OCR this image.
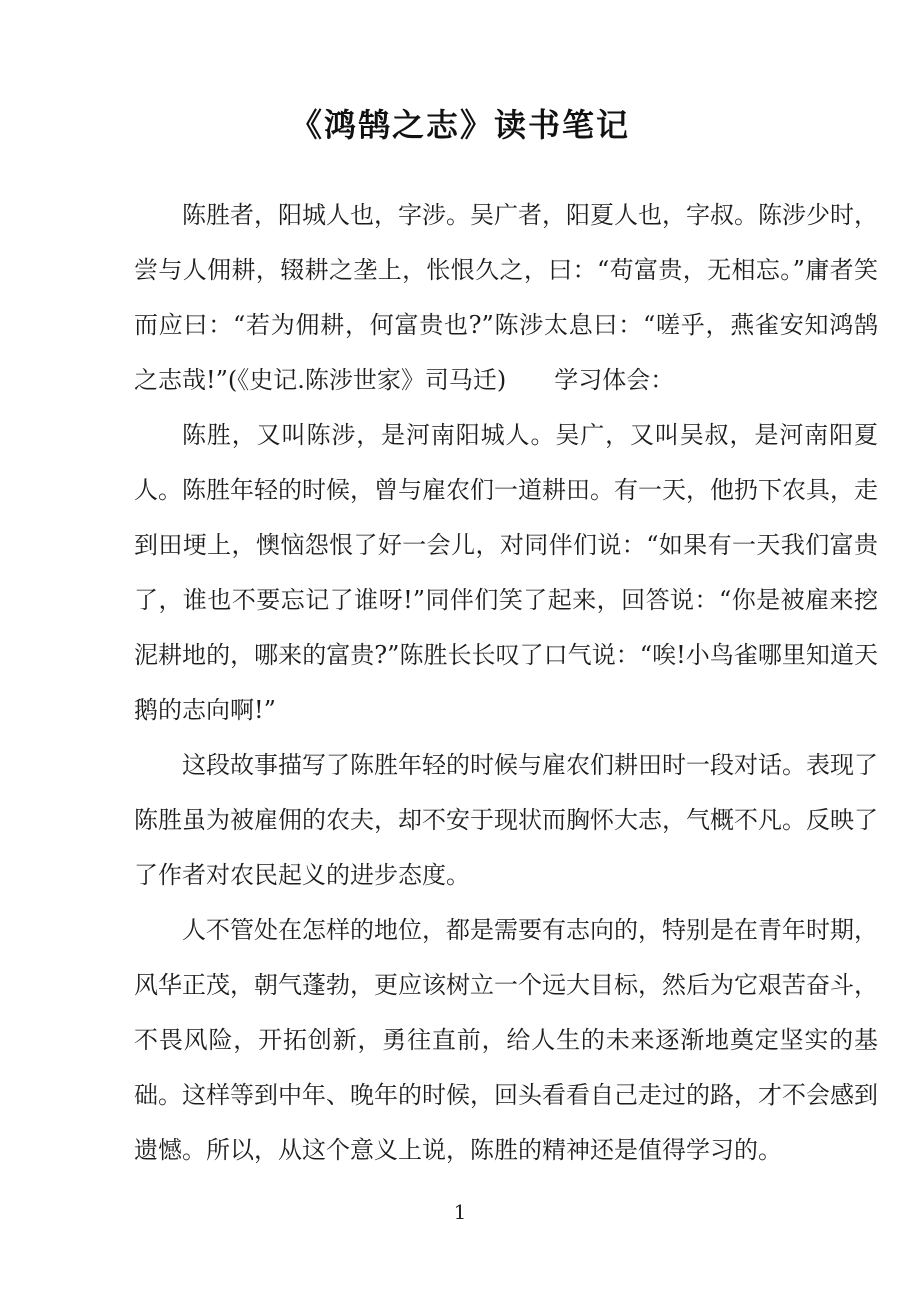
《鸿鹄之志》读书笔记

陈胜者，阳城人也，字涉。吴广者，阳夏人也，字叔。陈涉少时，尝与人佣耕，辍耕之垄上，怅恨久之，曰：“苟富贵，无相忘。”庸者笑而应曰：“若为佣耕，何富贵也?”陈涉太息曰：“嗟乎，燕雀安知鸿鹄之志哉!”(《史记.陈涉世家》司马迁)　　学习体会：

陈胜，又叫陈涉，是河南阳城人。吴广，又叫吴叔，是河南阳夏人。陈胜年轻的时候，曾与雇农们一道耕田。有一天，他扔下农具，走到田埂上，懊恼怨恨了好一会儿，对同伴们说：“如果有一天我们富贵了，谁也不要忘记了谁呀!”同伴们笑了起来，回答说：“你是被雇来挖泥耕地的，哪来的富贵?”陈胜长长叹了口气说：“唉!小鸟雀哪里知道天鹅的志向啊!”

这段故事描写了陈胜年轻的时候与雇农们耕田时一段对话。表现了陈胜虽为被雇佣的农夫，却不安于现状而胸怀大志，气概不凡。反映了了作者对农民起义的进步态度。

人不管处在怎样的地位，都是需要有志向的，特别是在青年时期，风华正茂，朝气蓬勃，更应该树立一个远大目标，然后为它艰苦奋斗，不畏风险，开拓创新，勇往直前，给人生的未来逐渐地奠定坚实的基础。这样等到中年、晚年的时候，回头看看自己走过的路，才不会感到遗憾。所以，从这个意义上说，陈胜的精神还是值得学习的。

1
